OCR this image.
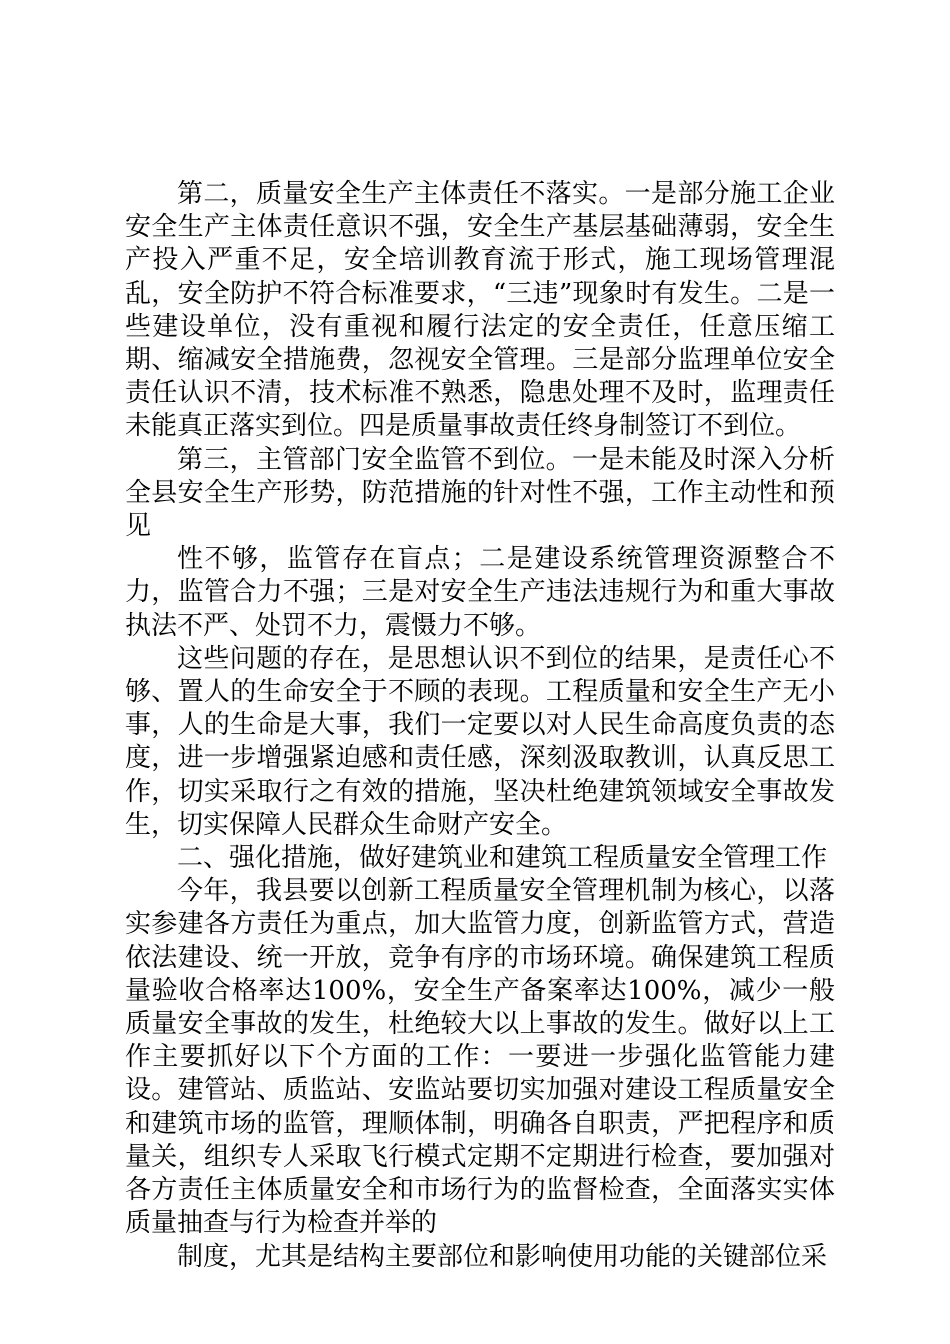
第二，质量安全生产主体责任不落实。一是部分施工企业安全生产主体责任意识不强，安全生产基层基础薄弱，安全生产投入严重不足，安全培训教育流于形式，施工现场管理混乱，安全防护不符合标准要求，“三违”现象时有发生。二是一些建设单位，没有重视和履行法定的安全责任，任意压缩工期、缩减安全措施费，忽视安全管理。三是部分监理单位安全责任认识不清，技术标准不熟悉，隐患处理不及时，监理责任未能真正落实到位。四是质量事故责任终身制签订不到位。

第三，主管部门安全监管不到位。一是未能及时深入分析全县安全生产形势，防范措施的针对性不强，工作主动性和预见

性不够，监管存在盲点；二是建设系统管理资源整合不力，监管合力不强；三是对安全生产违法违规行为和重大事故执法不严、处罚不力，震慑力不够。

这些问题的存在，是思想认识不到位的结果，是责任心不够、置人的生命安全于不顾的表现。工程质量和安全生产无小事，人的生命是大事，我们一定要以对人民生命高度负责的态度，进一步增强紧迫感和责任感，深刻汲取教训，认真反思工作，切实采取行之有效的措施，坚决杜绝建筑领域安全事故发生，切实保障人民群众生命财产安全。

二、强化措施，做好建筑业和建筑工程质量安全管理工作

今年，我县要以创新工程质量安全管理机制为核心，以落实参建各方责任为重点，加大监管力度，创新监管方式，营造依法建设、统一开放，竞争有序的市场环境。确保建筑工程质量验收合格率达100%，安全生产备案率达100%，减少一般质量安全事故的发生，杜绝较大以上事故的发生。做好以上工作主要抓好以下个方面的工作：一要进一步强化监管能力建设。建管站、质监站、安监站要切实加强对建设工程质量安全和建筑市场的监管，理顺体制，明确各自职责，严把程序和质量关，组织专人采取飞行模式定期不定期进行检查，要加强对各方责任主体质量安全和市场行为的监督检查，全面落实实体质量抽查与行为检查并举的

制度，尤其是结构主要部位和影响使用功能的关键部位采
